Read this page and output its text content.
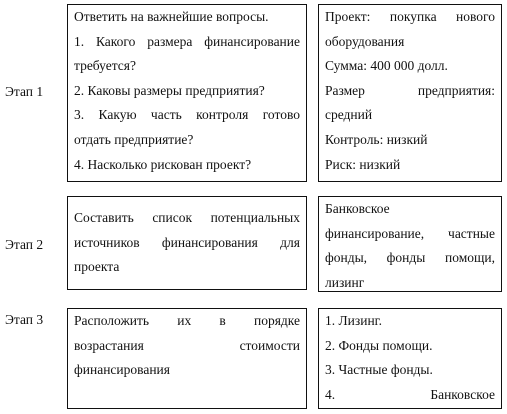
Этап 1
Ответить на важнейшие вопросы.
1. Какого размера финансирование
требуется?
2. Каковы размеры предприятия?
3. Какую часть контроля готово
отдать предприятие?
4. Насколько рискован проект?
Проект: покупка нового
оборудования
Сумма: 400 000 долл.
Размер предприятия:
средний
Контроль: низкий
Риск: низкий
Этап 2
Составить список потенциальных
источников финансирования для
проекта
Банковское
финансирование, частные
фонды, фонды помощи,
лизинг
Этап 3 Расположить их в порядке
возрастания стоимости
финансирования
1. Лизинг.
2. Фонды помощи.
3. Частные фонды.
4. Банковское
